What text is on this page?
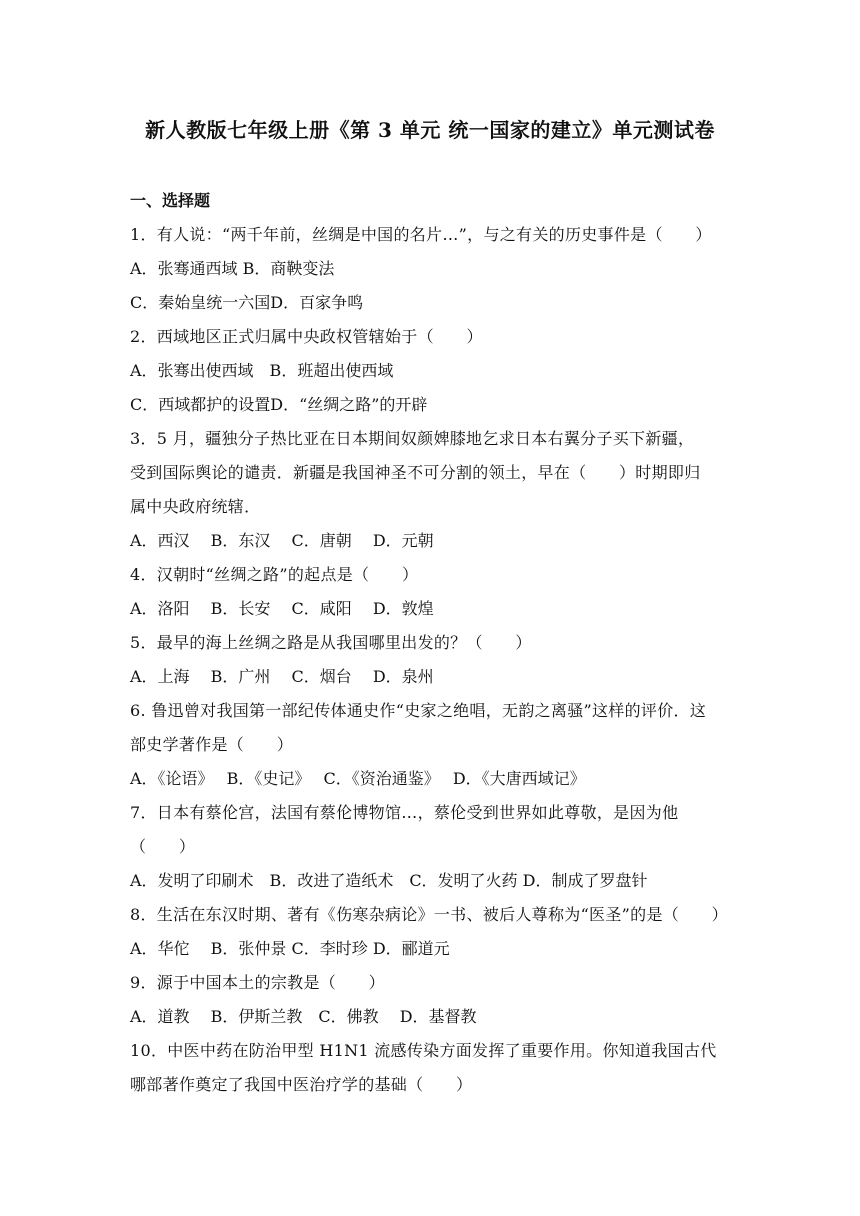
新人教版七年级上册《第 3 单元 统一国家的建立》单元测试卷
一、选择题
1．有人说：“两千年前，丝绸是中国的名片…”，与之有关的历史事件是（　　）
A．张骞通西域 B．商鞅变法
C．秦始皇统一六国D．百家争鸣
2．西域地区正式归属中央政权管辖始于（　　）
A．张骞出使西域　B．班超出使西域
C．西域都护的设置D．“丝绸之路”的开辟
3．5 月，疆独分子热比亚在日本期间奴颜婢膝地乞求日本右翼分子买下新疆，
受到国际舆论的谴责．新疆是我国神圣不可分割的领土，早在（　　）时期即归
属中央政府统辖．
A．西汉　 B．东汉　 C．唐朝　 D．元朝
4．汉朝时“丝绸之路”的起点是（　　）
A．洛阳　 B．长安　 C．咸阳　 D．敦煌
5．最早的海上丝绸之路是从我国哪里出发的？（　　）
A．上海　 B．广州　 C．烟台　 D．泉州
6. 鲁迅曾对我国第一部纪传体通史作“史家之绝唱，无韵之离骚”这样的评价．这
部史学著作是（　　）
A．《论语》　 B．《史记》　 C．《资治通鉴》　 D．《大唐西域记》
7．日本有蔡伦宫，法国有蔡伦博物馆…，蔡伦受到世界如此尊敬，是因为他
（　　）
A．发明了印刷术　B．改进了造纸术　C．发明了火药 D．制成了罗盘针
8．生活在东汉时期、著有《伤寒杂病论》一书、被后人尊称为“医圣”的是（　　）
A．华佗　 B．张仲景 C．李时珍 D．郦道元
9．源于中国本土的宗教是（　　）
A．道教　 B．伊斯兰教　C．佛教　 D．基督教
10．中医中药在防治甲型 H1N1 流感传染方面发挥了重要作用。你知道我国古代
哪部著作奠定了我国中医治疗学的基础（　　）
